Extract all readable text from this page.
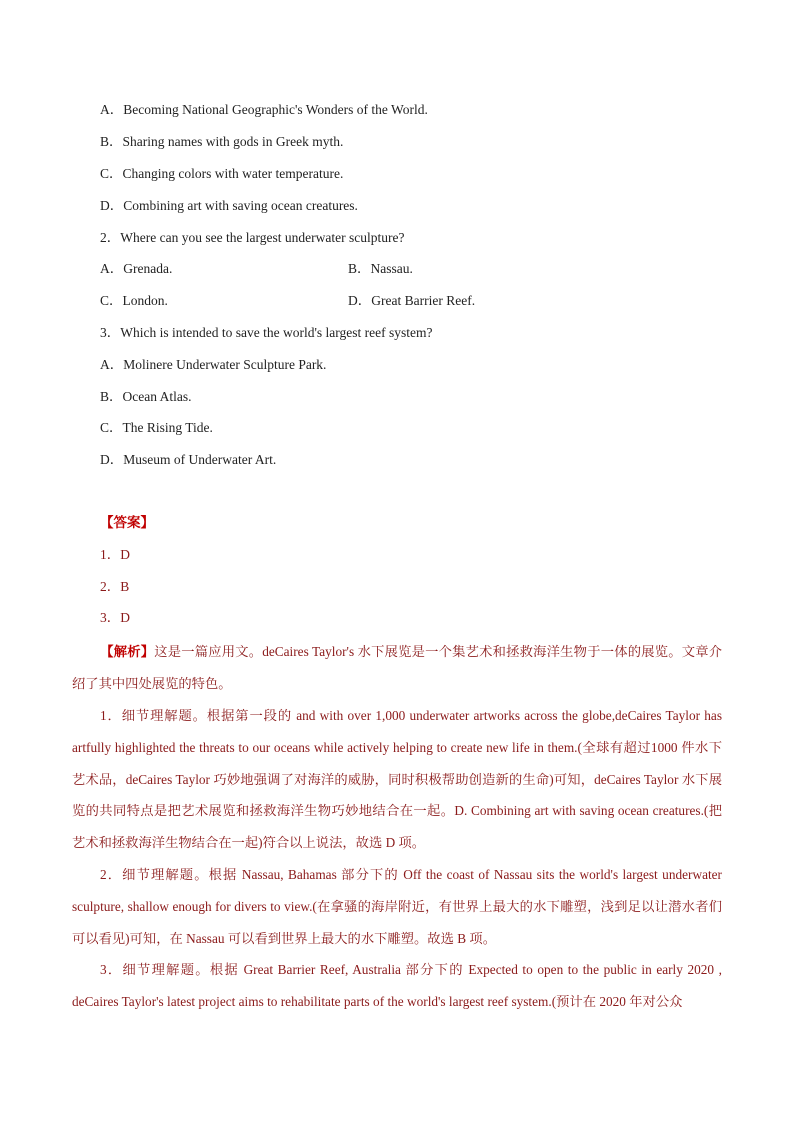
A．Becoming National Geographic's Wonders of the World.
B．Sharing names with gods in Greek myth.
C．Changing colors with water temperature.
D．Combining art with saving ocean creatures.
2．Where can you see the largest underwater sculpture?
A．Grenada.	B．Nassau.
C．London.	D．Great Barrier Reef.
3．Which is intended to save the world's largest reef system?
A．Molinere Underwater Sculpture Park.
B．Ocean Atlas.
C．The Rising Tide.
D．Museum of Underwater Art.
【答案】
1．D
2．B
3．D
【解析】这是一篇应用文。deCaires Taylor's 水下展览是一个集艺术和拯救海洋生物于一体的展览。文章介绍了其中四处展览的特色。
1．细节理解题。根据第一段的 and with over 1,000 underwater artworks across the globe,deCaires Taylor has artfully highlighted the threats to our oceans while actively helping to create new life in them.(全球有超过1000 件水下艺术品，deCaires Taylor 巧妙地强调了对海洋的威胁，同时积极帮助创造新的生命)可知，deCaires Taylor 水下展览的共同特点是把艺术展览和拯救海洋生物巧妙地结合在一起。D. Combining art with saving ocean creatures.(把艺术和拯救海洋生物结合在一起)符合以上说法，故选 D 项。
2．细节理解题。根据 Nassau, Bahamas 部分下的 Off the coast of Nassau sits the world's largest underwater sculpture, shallow enough for divers to view.(在拿骚的海岸附近，有世界上最大的水下雕塑，浅到足以让潜水者们可以看见)可知，在 Nassau 可以看到世界上最大的水下雕塑。故选 B 项。
3．细节理解题。根据 Great Barrier Reef, Australia 部分下的 Expected to open to the public in early 2020 , deCaires Taylor's latest project aims to rehabilitate parts of the world's largest reef system.(预计在 2020 年对公众
